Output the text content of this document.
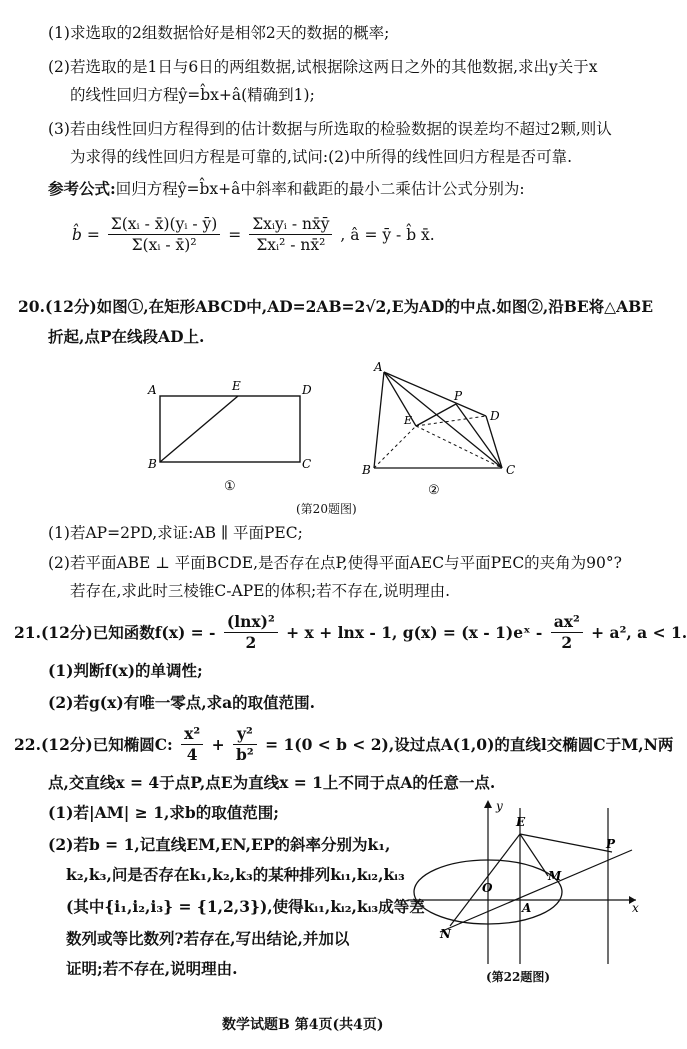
(1)求选取的2组数据恰好是相邻2天的数据的概率;
(2)若选取的是1日与6日的两组数据,试根据除这两日之外的其他数据,求出y关于x
的线性回归方程ŷ=b̂x+â(精确到1);
(3)若由线性回归方程得到的估计数据与所选取的检验数据的误差均不超过2颗,则认
为求得的线性回归方程是可靠的,试问:(2)中所得的线性回归方程是否可靠.
参考公式:回归方程ŷ=b̂x+â中斜率和截距的最小二乘估计公式分别为:
b̂ = $\frac{\text{Σ(xᵢ - x̄)(yᵢ - ȳ)}}{\text{Σ(xᵢ - x̄)²}} = \frac{\text{Σxᵢyᵢ - nx̄ȳ}}{\text{Σxᵢ² - nx̄²}}$ , â = ȳ - b̂ x̄.
20.(12分)如图①,在矩形ABCD中,AD=2AB=2√2,E为AD的中点.如图②,沿BE将△ABE
折起,点P在线段AD上.
A	E	D
B	C
①
A
P
D
E
B	C
②
(第20题图)
(1)若AP=2PD,求证:AB ∥ 平面PEC;
(2)若平面ABE ⊥ 平面BCDE,是否存在点P,使得平面AEC与平面PEC的夹角为90°?
若存在,求此时三棱锥C-APE的体积;若不存在,说明理由.
21.(12分)已知函数f(x) = - $\frac{\text{(lnx)²}}{2} + x + \ln x - 1$, g(x) = (x - 1)eˣ - $\frac{\text{ax²}}{2} + a^2$, a < 1.
(1)判断f(x)的单调性;
(2)若g(x)有唯一零点,求a的取值范围.
22.(12分)已知椭圆C: $\frac{\text{x²}}{4} + \frac{\text{y²}}{\text{b²}} = 1(0 < b < 2)$,设过点A(1,0)的直线l交椭圆C于M,N两
点,交直线x = 4于点P,点E为直线x = 1上不同于点A的任意一点.
(1)若|AM| ≥ 1,求b的取值范围;
(2)若b = 1,记直线EM,EN,EP的斜率分别为k₁,
k₂,k₃,问是否存在k₁,k₂,k₃的某种排列kᵢ₁,kᵢ₂,kᵢ₃
(其中{i₁,i₂,i₃} = {1,2,3}),使得kᵢ₁,kᵢ₂,kᵢ₃成等差
数列或等比数列?若存在,写出结论,并加以
证明;若不存在,说明理由.
y
E
P
M
O
A
N
x
(第22题图)
数学试题B 第4页(共4页)
